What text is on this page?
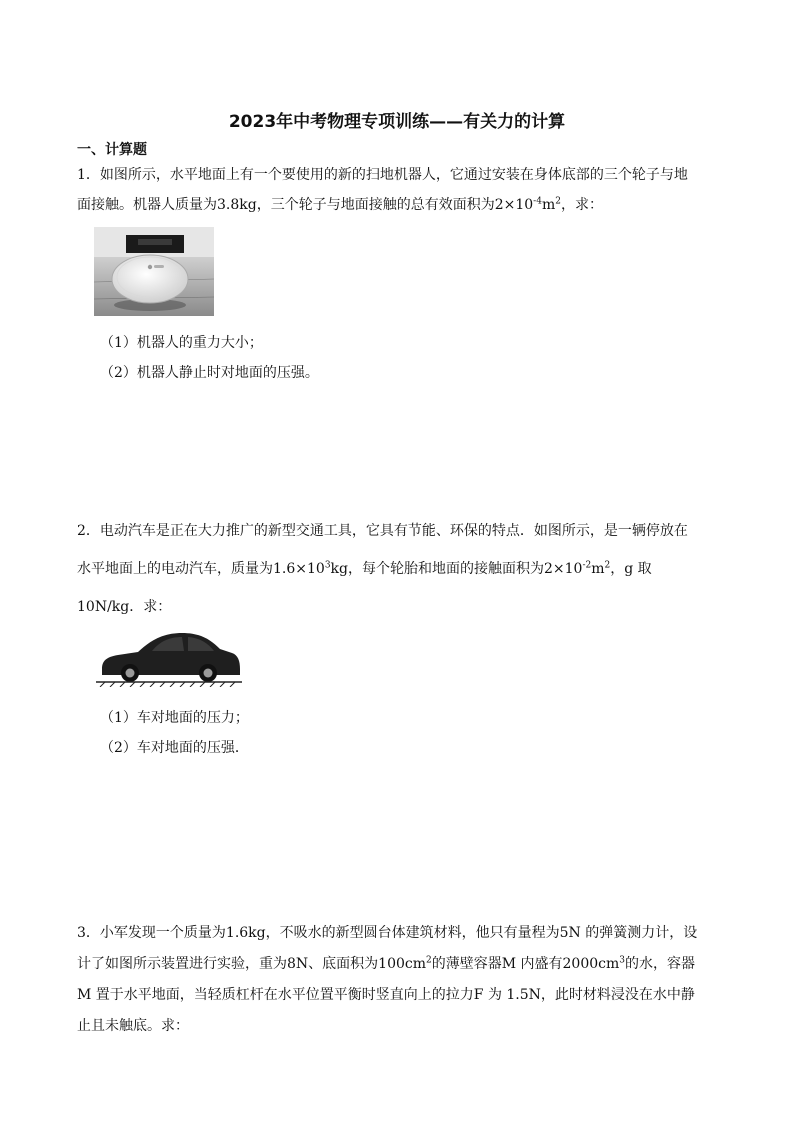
2023年中考物理专项训练——有关力的计算
一、计算题
1．如图所示，水平地面上有一个要使用的新的扫地机器人，它通过安装在身体底部的三个轮子与地
面接触。机器人质量为3.8kg，三个轮子与地面接触的总有效面积为$2\times 10^{-4}m^2$，求：
（1）机器人的重力大小；
（2）机器人静止时对地面的压强。
2．电动汽车是正在大力推广的新型交通工具，它具有节能、环保的特点．如图所示，是一辆停放在
水平地面上的电动汽车，质量为$1.6\times 10^3kg$，每个轮胎和地面的接触面积为$2\times 10^{-2}m^2$，g 取
10N/kg．求：
（1）车对地面的压力；
（2）车对地面的压强．
3．小军发现一个质量为1.6kg，不吸水的新型圆台体建筑材料，他只有量程为5N 的弹簧测力计，设
计了如图所示装置进行实验，重为8N、底面积为$100cm^2$的薄壁容器M 内盛有$2000cm^3$的水，容器
M 置于水平地面，当轻质杠杆在水平位置平衡时竖直向上的拉力F 为 1.5N，此时材料浸没在水中静
止且未触底。求：
